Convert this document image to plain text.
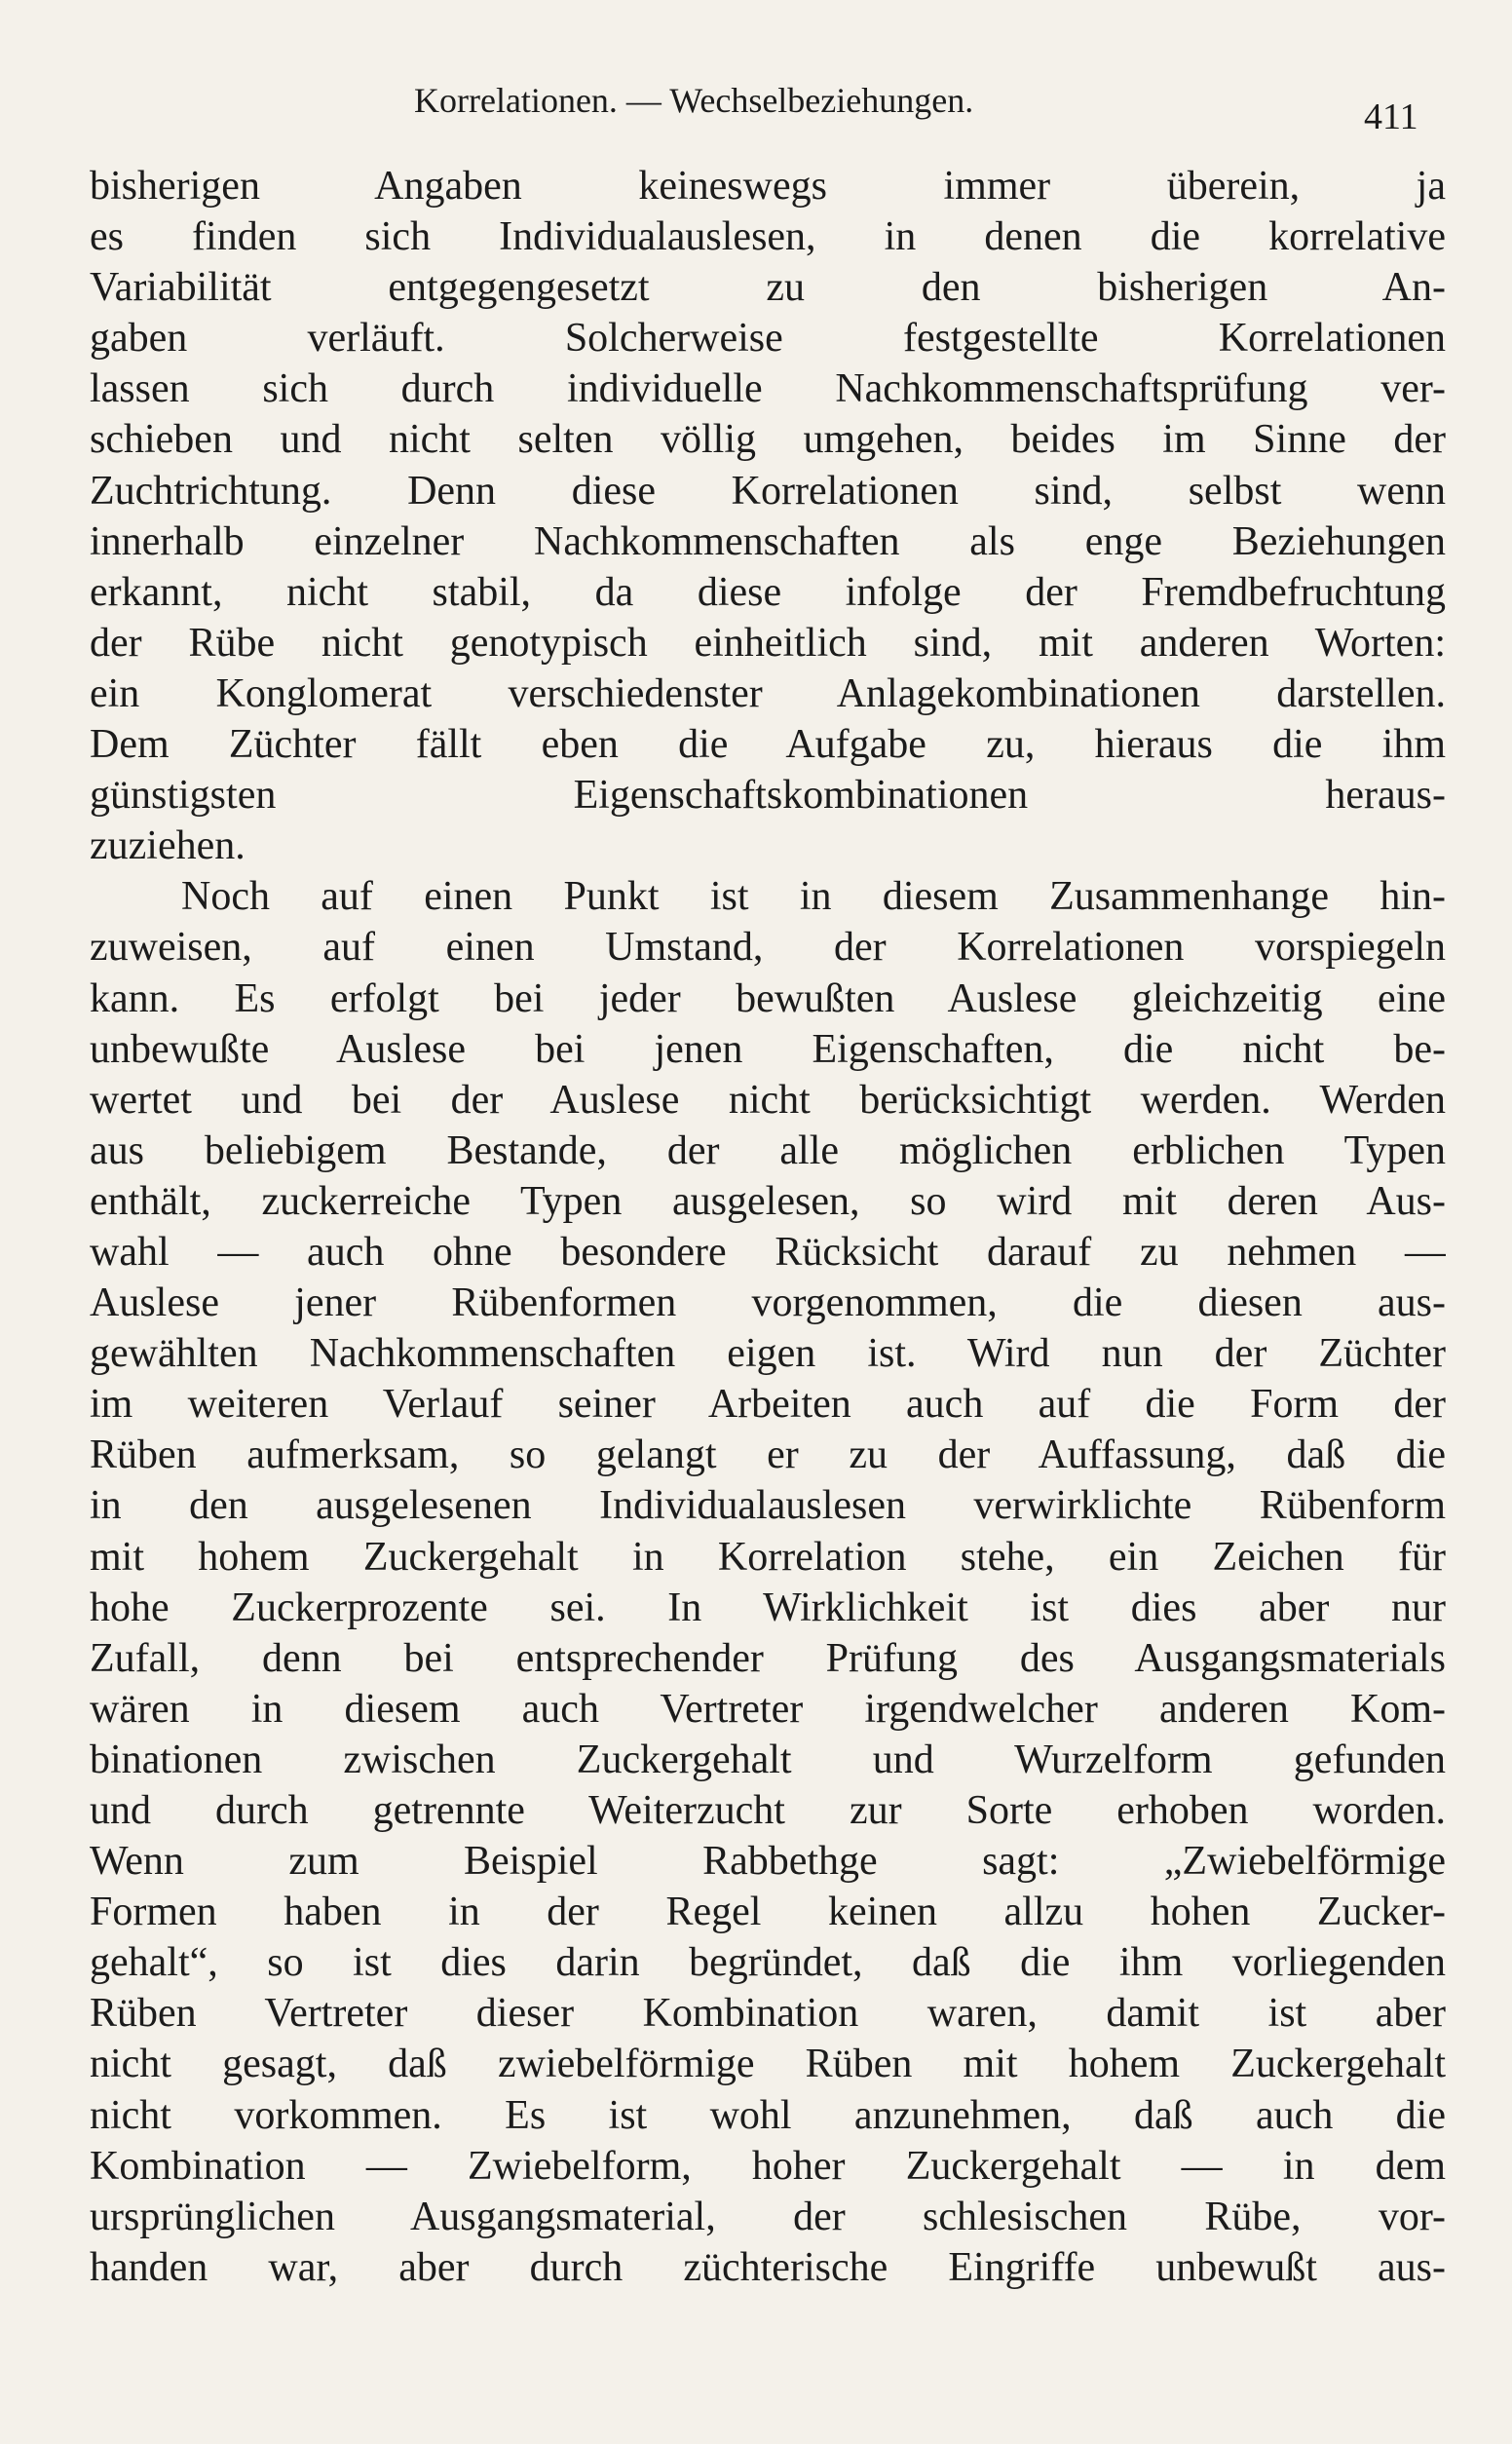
Korrelationen. — Wechselbeziehungen.	411
bisherigen Angaben keineswegs immer überein, ja
es finden sich Individualauslesen, in denen die korrelative
Variabilität entgegengesetzt zu den bisherigen An-
gaben verläuft. Solcherweise festgestellte Korrelationen
lassen sich durch individuelle Nachkommenschaftsprüfung ver-
schieben und nicht selten völlig umgehen, beides im Sinne der
Zuchtrichtung. Denn diese Korrelationen sind, selbst wenn
innerhalb einzelner Nachkommenschaften als enge Beziehungen
erkannt, nicht stabil, da diese infolge der Fremdbefruchtung
der Rübe nicht genotypisch einheitlich sind, mit anderen Worten:
ein Konglomerat verschiedenster Anlagekombinationen darstellen.
Dem Züchter fällt eben die Aufgabe zu, hieraus die ihm
günstigsten Eigenschaftskombinationen heraus-
zuziehen.
Noch auf einen Punkt ist in diesem Zusammenhange hin-
zuweisen, auf einen Umstand, der Korrelationen vorspiegeln
kann. Es erfolgt bei jeder bewußten Auslese gleichzeitig eine
unbewußte Auslese bei jenen Eigenschaften, die nicht be-
wertet und bei der Auslese nicht berücksichtigt werden. Werden
aus beliebigem Bestande, der alle möglichen erblichen Typen
enthält, zuckerreiche Typen ausgelesen, so wird mit deren Aus-
wahl — auch ohne besondere Rücksicht darauf zu nehmen —
Auslese jener Rübenformen vorgenommen, die diesen aus-
gewählten Nachkommenschaften eigen ist. Wird nun der Züchter
im weiteren Verlauf seiner Arbeiten auch auf die Form der
Rüben aufmerksam, so gelangt er zu der Auffassung, daß die
in den ausgelesenen Individualauslesen verwirklichte Rübenform
mit hohem Zuckergehalt in Korrelation stehe, ein Zeichen für
hohe Zuckerprozente sei. In Wirklichkeit ist dies aber nur
Zufall, denn bei entsprechender Prüfung des Ausgangsmaterials
wären in diesem auch Vertreter irgendwelcher anderen Kom-
binationen zwischen Zuckergehalt und Wurzelform gefunden
und durch getrennte Weiterzucht zur Sorte erhoben worden.
Wenn zum Beispiel Rabbethge sagt: „Zwiebelförmige
Formen haben in der Regel keinen allzu hohen Zucker-
gehalt“, so ist dies darin begründet, daß die ihm vorliegenden
Rüben Vertreter dieser Kombination waren, damit ist aber
nicht gesagt, daß zwiebelförmige Rüben mit hohem Zuckergehalt
nicht vorkommen. Es ist wohl anzunehmen, daß auch die
Kombination — Zwiebelform, hoher Zuckergehalt — in dem
ursprünglichen Ausgangsmaterial, der schlesischen Rübe, vor-
handen war, aber durch züchterische Eingriffe unbewußt aus-
